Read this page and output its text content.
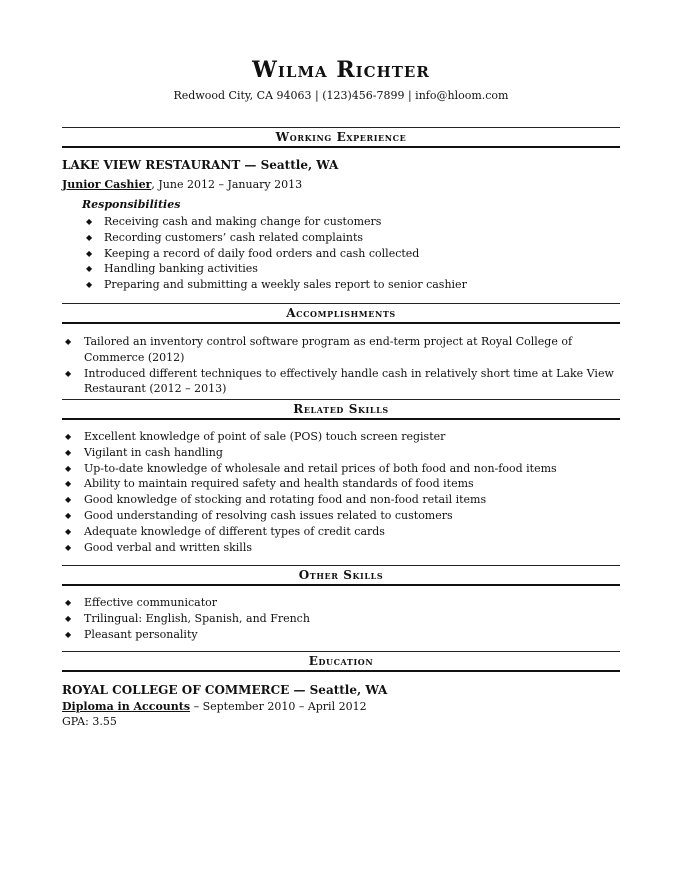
Wilma Richter
Redwood City, CA 94063 | (123)456-7899 | info@hloom.com
Working Experience
LAKE VIEW RESTAURANT — Seattle, WA
Junior Cashier, June 2012 – January 2013
Responsibilities
◆ Receiving cash and making change for customers
◆ Recording customers’ cash related complaints
◆ Keeping a record of daily food orders and cash collected
◆ Handling banking activities
◆ Preparing and submitting a weekly sales report to senior cashier
Accomplishments
◆ Tailored an inventory control software program as end-term project at Royal College of Commerce (2012)
◆ Introduced different techniques to effectively handle cash in relatively short time at Lake View Restaurant (2012 – 2013)
Related Skills
◆ Excellent knowledge of point of sale (POS) touch screen register
◆ Vigilant in cash handling
◆ Up-to-date knowledge of wholesale and retail prices of both food and non-food items
◆ Ability to maintain required safety and health standards of food items
◆ Good knowledge of stocking and rotating food and non-food retail items
◆ Good understanding of resolving cash issues related to customers
◆ Adequate knowledge of different types of credit cards
◆ Good verbal and written skills
Other Skills
◆ Effective communicator
◆ Trilingual: English, Spanish, and French
◆ Pleasant personality
Education
ROYAL COLLEGE OF COMMERCE — Seattle, WA
Diploma in Accounts – September 2010 – April 2012
GPA: 3.55
